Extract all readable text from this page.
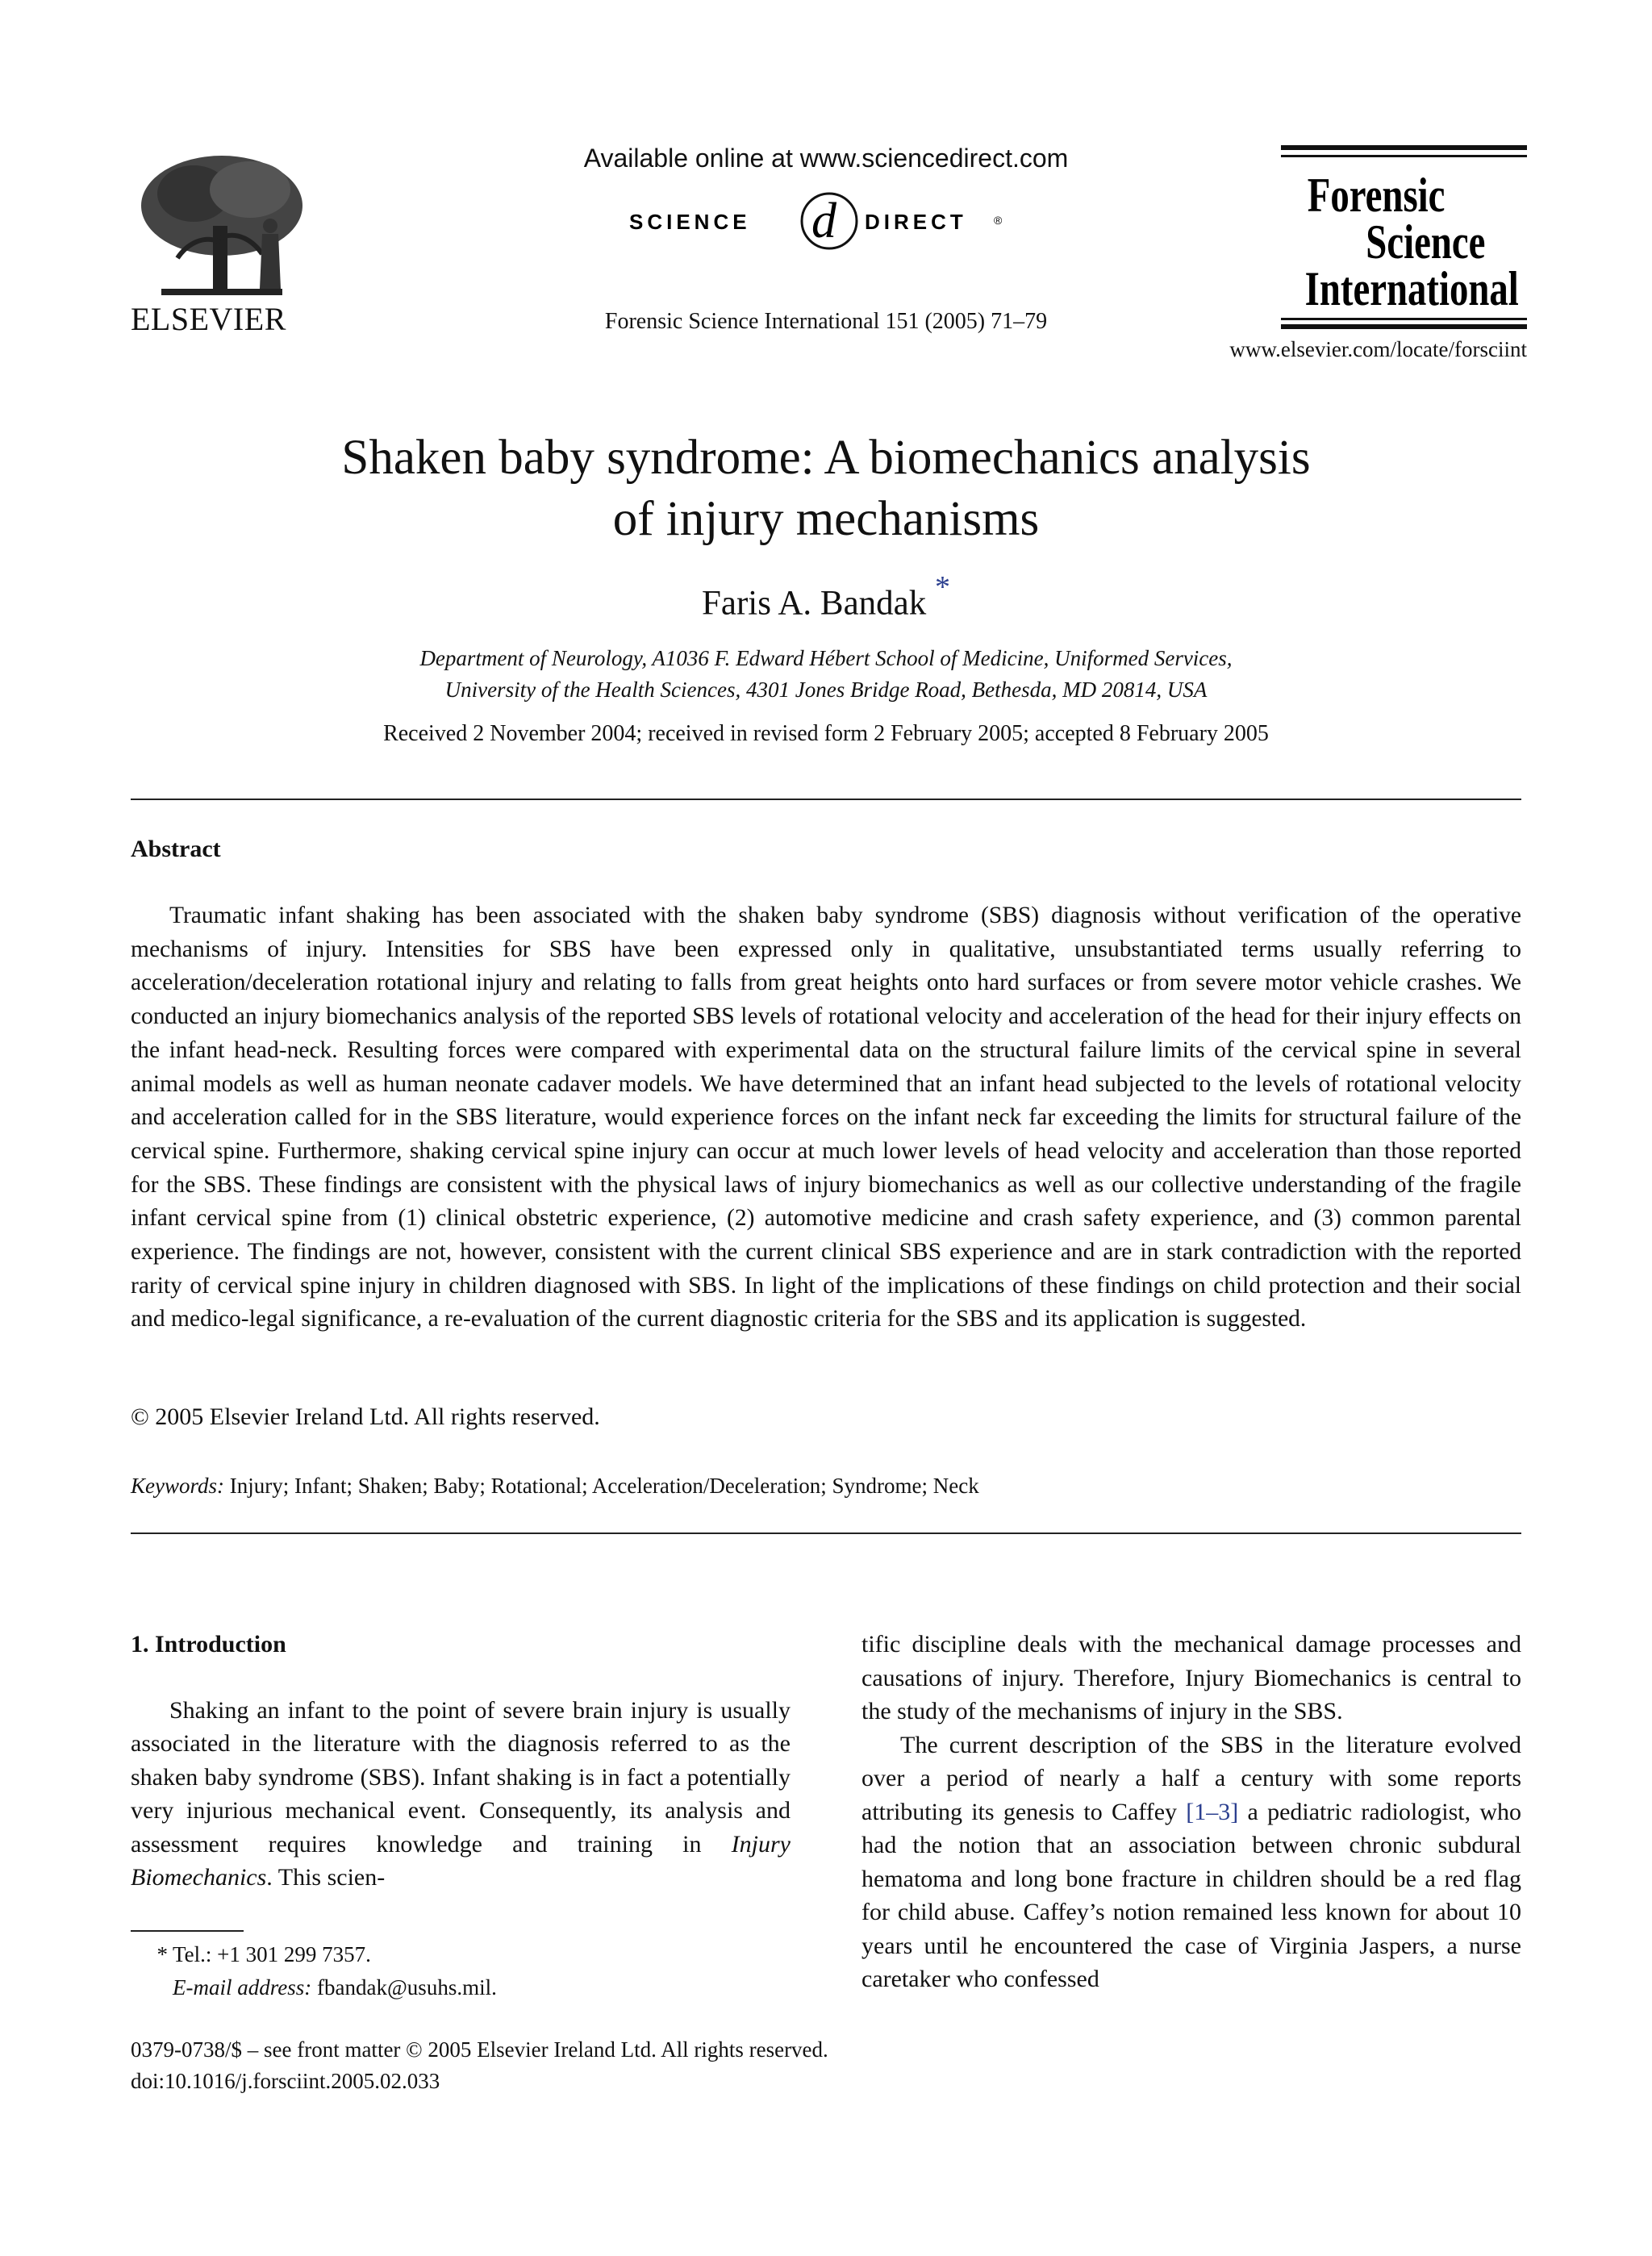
ELSEVIER
Available online at www.sciencedirect.com
SCIENCE d DIRECT ®
Forensic Science International 151 (2005) 71–79
Forensic
Science
International
www.elsevier.com/locate/forsciint
Shaken baby syndrome: A biomechanics analysis
of injury mechanisms
Faris A. Bandak *
Department of Neurology, A1036 F. Edward Hébert School of Medicine, Uniformed Services,
University of the Health Sciences, 4301 Jones Bridge Road, Bethesda, MD 20814, USA
Received 2 November 2004; received in revised form 2 February 2005; accepted 8 February 2005
Abstract

Traumatic infant shaking has been associated with the shaken baby syndrome (SBS) diagnosis without verification of the operative mechanisms of injury. Intensities for SBS have been expressed only in qualitative, unsubstantiated terms usually referring to acceleration/deceleration rotational injury and relating to falls from great heights onto hard surfaces or from severe motor vehicle crashes. We conducted an injury biomechanics analysis of the reported SBS levels of rotational velocity and acceleration of the head for their injury effects on the infant head-neck. Resulting forces were compared with experimental data on the structural failure limits of the cervical spine in several animal models as well as human neonate cadaver models. We have determined that an infant head subjected to the levels of rotational velocity and acceleration called for in the SBS literature, would experience forces on the infant neck far exceeding the limits for structural failure of the cervical spine. Furthermore, shaking cervical spine injury can occur at much lower levels of head velocity and acceleration than those reported for the SBS. These findings are consistent with the physical laws of injury biomechanics as well as our collective understanding of the fragile infant cervical spine from (1) clinical obstetric experience, (2) automotive medicine and crash safety experience, and (3) common parental experience. The findings are not, however, consistent with the current clinical SBS experience and are in stark contradiction with the reported rarity of cervical spine injury in children diagnosed with SBS. In light of the implications of these findings on child protection and their social and medico-legal significance, a re-evaluation of the current diagnostic criteria for the SBS and its application is suggested.

© 2005 Elsevier Ireland Ltd. All rights reserved.
Keywords: Injury; Infant; Shaken; Baby; Rotational; Acceleration/Deceleration; Syndrome; Neck

1. Introduction

Shaking an infant to the point of severe brain injury is usually associated in the literature with the diagnosis referred to as the shaken baby syndrome (SBS). Infant shaking is in fact a potentially very injurious mechanical event. Consequently, its analysis and assessment requires knowledge and training in Injury Biomechanics. This scien-

tific discipline deals with the mechanical damage processes and causations of injury. Therefore, Injury Biomechanics is central to the study of the mechanisms of injury in the SBS.

The current description of the SBS in the literature evolved over a period of nearly a half a century with some reports attributing its genesis to Caffey [1–3] a pediatric radiologist, who had the notion that an association between chronic subdural hematoma and long bone fracture in children should be a red flag for child abuse. Caffey’s notion remained less known for about 10 years until he encountered the case of Virginia Jaspers, a nurse caretaker who confessed

* Tel.: +1 301 299 7357.
E-mail address: fbandak@usuhs.mil.
0379-0738/$ – see front matter © 2005 Elsevier Ireland Ltd. All rights reserved.
doi:10.1016/j.forsciint.2005.02.033
